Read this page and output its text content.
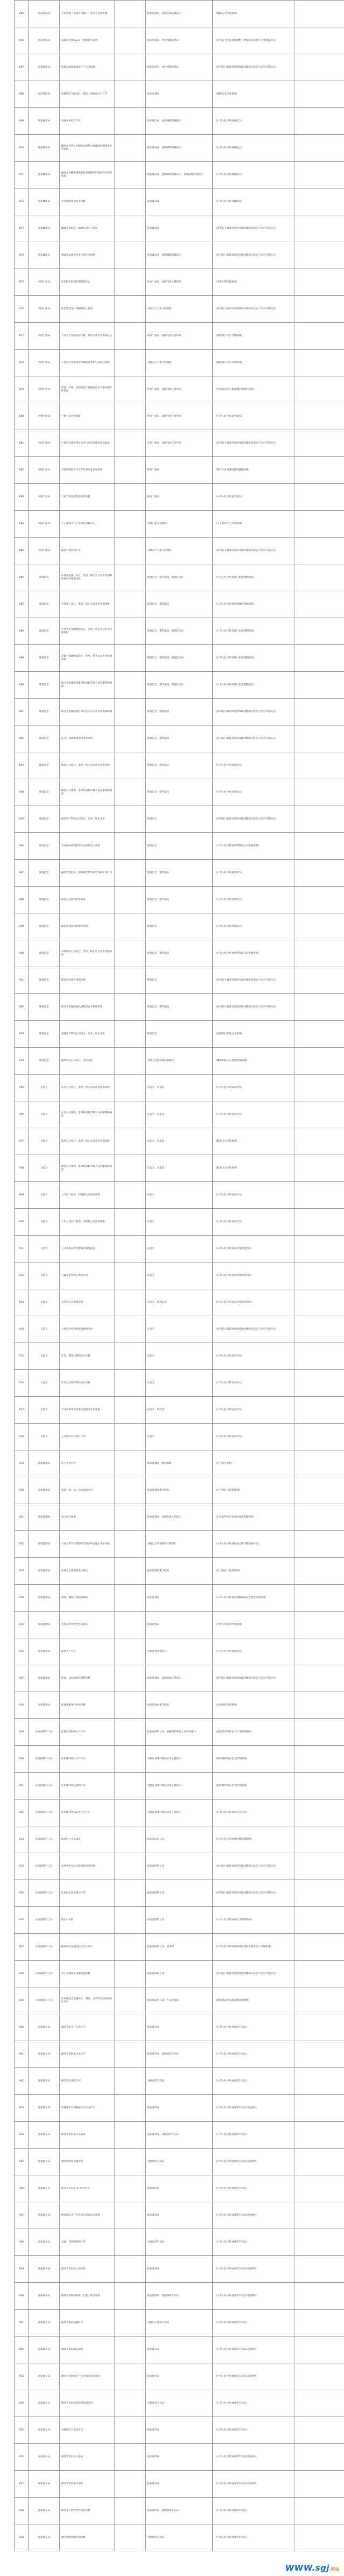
865	国家铁路局	专用铁路（铁路专用线）工程竣工验收备案		国家铁路局，省级交通运输部门	《铁路安全管理条例》	
866	国家铁路局	运输企业资格认证（铁路旅客运输）		国家铁路局，地区铁路监管局	《国务院关于取消和调整一批行政审批项目等事项的决定》	
867	国家铁路局	铁路运输基础设备生产企业审批		国家铁路局，地区铁路监管局	《国务院对确需保留的行政审批项目设定行政许可的决定》	
868	国家铁路局	铁路机车车辆设计、制造、维修或进口许可		国家铁路局	《铁路安全管理条例》	
869	国家邮政局	快递业务经营许可		国家邮政局，省级邮政管理部门	《中华人民共和国邮政法》	
870	国家邮政局	邮政企业停止办理或者限制办理邮政普遍服务业务审批		国家邮政局，省级邮政管理部门	《中华人民共和国邮政法》	
871	国家邮政局	邮政企业撤销提供邮政普遍服务的邮政营业场所审批		国家邮政局，省级邮政管理部门，市级邮政管理部门	《中华人民共和国邮政法》	
872	国家邮政局	开办国际快递业务审批		国家邮政局	《中华人民共和国邮政法》	
873	国家邮政局	邮政专用标志、邮政用品用具监制		国家邮政局	《国务院对确需保留的行政审批项目设定行政许可的决定》	
874	国家邮政局	集邮票品集中交易市场开办审批		国家邮政局，省级邮政管理部门	《国务院对确需保留的行政审批项目设定行政许可的决定》	
875	中国气象局	雷电防护装置检测资质认定		中国气象局，省级气象主管机构	《气象灾害防御条例》	
876	中国气象局	防雷装置设计审核和竣工验收		县级以上气象主管机构	《国务院对确需保留的行政审批项目设定行政许可的决定》	
877	中国气象局	升放无人驾驶自由气球、系留气球单位资质认定		中国气象局，省级气象主管机构	《通用航空飞行管制条例》	
878	中国气象局	升放无人驾驶自由气球或者系留气球活动审批		县级以上气象主管机构	《通用航空飞行管制条例》	
879	中国气象局	新建、扩建、改建建设工程避免危害气象探测环境审批		中国气象局，省级气象主管机构	《气象设施和气象探测环境保护条例》	
880	中国气象局	气象台站迁建审批		中国气象局，省级气象主管机构	《中华人民共和国气象法》	
881	中国气象局	气象信息服务单位从事气象信息服务活动备案		中国气象局，省级气象主管机构	《国务院对确需保留的行政审批项目设定行政许可的决定》	
882	中国气象局	外国组织和个人在华从事气象活动审批		中国气象局	《涉外气象探测和资料管理办法》	
883	中国气象局	气象专用技术装备使用审批		中国气象局	《中华人民共和国气象法》	
884	中国气象局	人工影响天气作业单位资格认定		省级气象主管机构	《人工影响天气管理条例》	
885	中国气象局	施放气球活动许可		县级以上气象主管机构	《国务院对确需保留的行政审批项目设定行政许可的决定》	
886	银保监会	中资商业银行设立、变更、终止以及业务范围和增加业务范围审批		银保监会，银保监局，银保监分局	《中华人民共和国银行业监督管理法》	
887	银保监会	外资银行设立、变更、终止以及业务范围审批		银保监会，银保监局	《中华人民共和国外资银行管理条例》	
888	银保监会	农村中小金融机构设立、变更、终止以及业务范围审批		银保监会，银保监局，银保监分局	《中华人民共和国银行业监督管理法》	
889	银保监会	非银行金融机构设立、变更、终止以及业务范围审批		银保监会，银保监局，银保监分局	《中华人民共和国银行业监督管理法》	
890	银保监会	银行业金融机构董事和高级管理人员任职资格核准		银保监会，银保监局，银保监分局	《中华人民共和国银行业监督管理法》	
891	银保监会	银行业金融机构开办衍生产品交易业务资格审批		银保监会，银保监局	《国务院对确需保留的行政审批项目设定行政许可的决定》	
892	银保监会	信托公司募集资金及变更审批		银保监会，银保监局	《国务院对确需保留的行政审批项目设定行政许可的决定》	
893	银保监会	保险公司设立、变更、终止以及业务范围审批		银保监会，银保监局	《中华人民共和国保险法》	
894	银保监会	保险公司董事、监事和高级管理人员任职资格核准		银保监会，银保监局	《中华人民共和国保险法》	
895	银保监会	保险资产管理公司设立、变更、终止审批		银保监会	《国务院对确需保留的行政审批项目设定行政许可的决定》	
896	银保监会	外国保险机构驻华代表机构设立审批		银保监会	《中华人民共和国外资保险公司管理条例》	
897	银保监会	保险代理机构、保险经纪机构经营保险业务许可		银保监会，银保监局	《中华人民共和国保险法》	
898	银保监会	保险公估机构业务备案		银保监会，银保监局	《中华人民共和国保险法》	
899	银保监会	保险条款和保险费率审批		银保监会	《中华人民共和国保险法》	
900	银保监会	外资保险公司设立、变更、终止以及业务范围审批		银保监会，银保监局	《中华人民共和国外资保险公司管理条例》	
901	银保监会	保险机构境外投资审批		银保监会	《国务院对确需保留的行政审批项目设定行政许可的决定》	
902	银保监会	银行业金融机构从事托管业务资格审批		银保监会，银保监局	《国务院对确需保留的行政审批项目设定行政许可的决定》	
903	银保监会	金融资产管理公司设立、变更、终止审批		银保监会	《金融资产管理公司条例》	
904	银保监会	融资担保公司设立、变更审批		省级人民政府确定的部门	《融资担保公司监督管理条例》	
905	证监会	证券公司设立、变更、终止以及业务范围审批		证监会，证监局	《中华人民共和国证券法》	
906	证监会	证券公司董事、监事和高级管理人员任职资格核准		证监会，证监局	《中华人民共和国证券法》	
907	证监会	期货公司设立、变更、终止以及业务范围审批		证监会，证监局	《期货交易管理条例》	
908	证监会	期货公司董事、监事和高级管理人员任职资格核准		证监会，证监局	《期货交易管理条例》	
909	证监会	公开发行股票、可转换公司债券核准		证监会	《中华人民共和国证券法》	
910	证监会	上市公司发行股票、可转换公司债券核准		证监会	《中华人民共和国证券法》	
911	证监会	公开募集证券投资基金募集注册		证监会	《中华人民共和国证券投资基金法》	
912	证监会	公募基金管理人资格审批		证监会	《中华人民共和国证券投资基金法》	
913	证监会	基金托管人资格审批		证监会，银保监会	《中华人民共和国证券投资基金法》	
914	证监会	合格境外机构投资者资格审批		证监会	《国务院对确需保留的行政审批项目设定行政许可的决定》	
915	证监会	证券、期货交易所设立审批		证监会	《中华人民共和国证券法》	
916	证监会	证券登记结算机构设立审批		证监会	《中华人民共和国证券法》	
917	证监会	会计师事务所从事证券服务业务备案		证监会，财政部	《中华人民共和国证券法》	
918	证监会	公司债券公开发行注册		证监会	《中华人民共和国证券法》	
919	国家能源局	电力业务许可		国家能源局，派出机构	《电力监管条例》	
920	国家能源局	承装（修、试）电力设施许可		国家能源局派出机构	《电力供应与使用条例》	
921	国家能源局	电力项目核准		国家能源局，省级能源主管部门	《企业投资项目核准和备案管理条例》	
922	国家能源局	石油天然气管道保护范围内特定施工作业审批		县级以上管道保护主管部门	《中华人民共和国石油天然气管道保护法》	
923	国家能源局	电网企业供电营业区核定		国家能源局派出机构	《电力供应与使用条例》	
924	国家能源局	核电厂操纵人员执照核发		国家能源局	《中华人民共和国民用核设施安全监督管理条例》	
925	国家能源局	水电站大坝安全注册登记		国家能源局	《水库大坝安全管理条例》	
926	国家能源局	煤炭生产许可		省级煤炭管理部门	《中华人民共和国煤炭法》	
927	国家能源局	原油、成品油经营资格审批		国家能源局，省级能源主管部门	《国务院对确需保留的行政审批项目设定行政许可的决定》	
928	国家能源局	新建电源项目并网审批		国家能源局派出机构	《电网调度管理条例》	
929	国家国防科工局	武器装备科研生产许可		国家国防科工局，省级国防科技工业管理部门	《武器装备科研生产许可管理条例》	
930	国家国防科工局	民用爆炸物品生产许可		省级民用爆炸物品行业主管部门	《民用爆炸物品安全管理条例》	
931	国家国防科工局	民用爆炸物品销售许可		省级民用爆炸物品行业主管部门	《民用爆炸物品安全管理条例》	
932	国家国防科工局	民用爆炸物品安全生产许可		省级民用爆炸物品行业主管部门	《中华人民共和国安全生产法》	
933	国家国防科工局	核材料许可证核发		国家国防科工局	《中华人民共和国核材料管制条例》	
934	国家国防科工局	从事涉密军品市场营销活动审批		国家国防科工局	《国务院对确需保留的行政审批项目设定行政许可的决定》	
935	国家国防科工局	民用航天发射项目许可		国家国防科工局	《国务院对确需保留的行政审批项目设定行政许可的决定》	
936	国家国防科工局	核出口审批		国家国防科工局	《中华人民共和国核出口管制条例》	
937	国家国防科工局	核两用品及相关技术出口许可		国家国防科工局，商务部	《中华人民共和国核两用品及相关技术出口管制条例》	
938	国家国防科工局	军工关键设备设施处置审批		国家国防科工局	《国务院对确需保留的行政审批项目设定行政许可的决定》	
939	国家国防科工局	民用核安全设备设计、制造、安装和无损检验单位许可		国家国防科工局，生态环境部	《民用核安全设备监督管理条例》	
940	国家烟草局	烟草专卖生产企业许可		国家烟草局	《中华人民共和国烟草专卖法》	
941	国家烟草局	烟草专卖批发企业许可		国家烟草局，省级烟草专卖局	《中华人民共和国烟草专卖法》	
942	国家烟草局	烟草专卖零售许可		县级烟草专卖局	《中华人民共和国烟草专卖法》	
943	国家烟草局	特种烟草专用机械生产企业许可		国家烟草局	《中华人民共和国烟草专卖法实施条例》	
944	国家烟草局	烟草专卖品准运证核发		国家烟草局，省级烟草专卖局	《中华人民共和国烟草专卖法》	
945	国家烟草局	烟叶收购站设置审批		省级烟草专卖局	《中华人民共和国烟草专卖法实施条例》	
946	国家烟草局	烟草专卖品进出口业务许可		国家烟草局	《中华人民共和国烟草专卖法》	
947	国家烟草局	烟草制品生产企业技术改造项目审批		国家烟草局	《中华人民共和国烟草专卖法实施条例》	
948	国家烟草局	卷烟、雪茄烟零售许可		县级烟草专卖局	《中华人民共和国烟草专卖法》	
949	国家烟草局	烟草专卖品出入境检验		国家烟草局	《中华人民共和国烟草专卖法实施条例》	
950	国家烟草局	烟草专用机械购进、出售、转让审批		国家烟草局，省级烟草专卖局	《中华人民共和国烟草专卖法实施条例》	
951	国家烟草局	烟草专卖品运输许可		县级以上烟草专卖局	《中华人民共和国烟草专卖法》	
952	国家烟草局	烟草专卖品储运审批		国家烟草局	《中华人民共和国烟草专卖法实施条例》	
953	国家烟草局	烟草专用机械生产企业技术改造审批		国家烟草局	《中华人民共和国烟草专卖法实施条例》	
954	国家烟草局	烟草专卖品营业场所设置审批		省级烟草专卖局	《中华人民共和国烟草专卖法》	
955	国家烟草局	卷烟纸生产企业许可		国家烟草局	《中华人民共和国烟草专卖法》	
956	国家烟草局	烟草专卖品出口备案		国家烟草局	《中华人民共和国烟草专卖法实施条例》	
957	国家烟草局	烟草专卖品展示审批		国家烟草局	《中华人民共和国烟草专卖法实施条例》	
958	国家烟草局	烟草生产经营单位变更审批		国家烟草局，省级烟草专卖局	《中华人民共和国烟草专卖法》	
959	国家烟草局	烟叶种植收购计划审批		省级烟草专卖局	《中华人民共和国烟草专卖法》	
WWW.sgj 网站
